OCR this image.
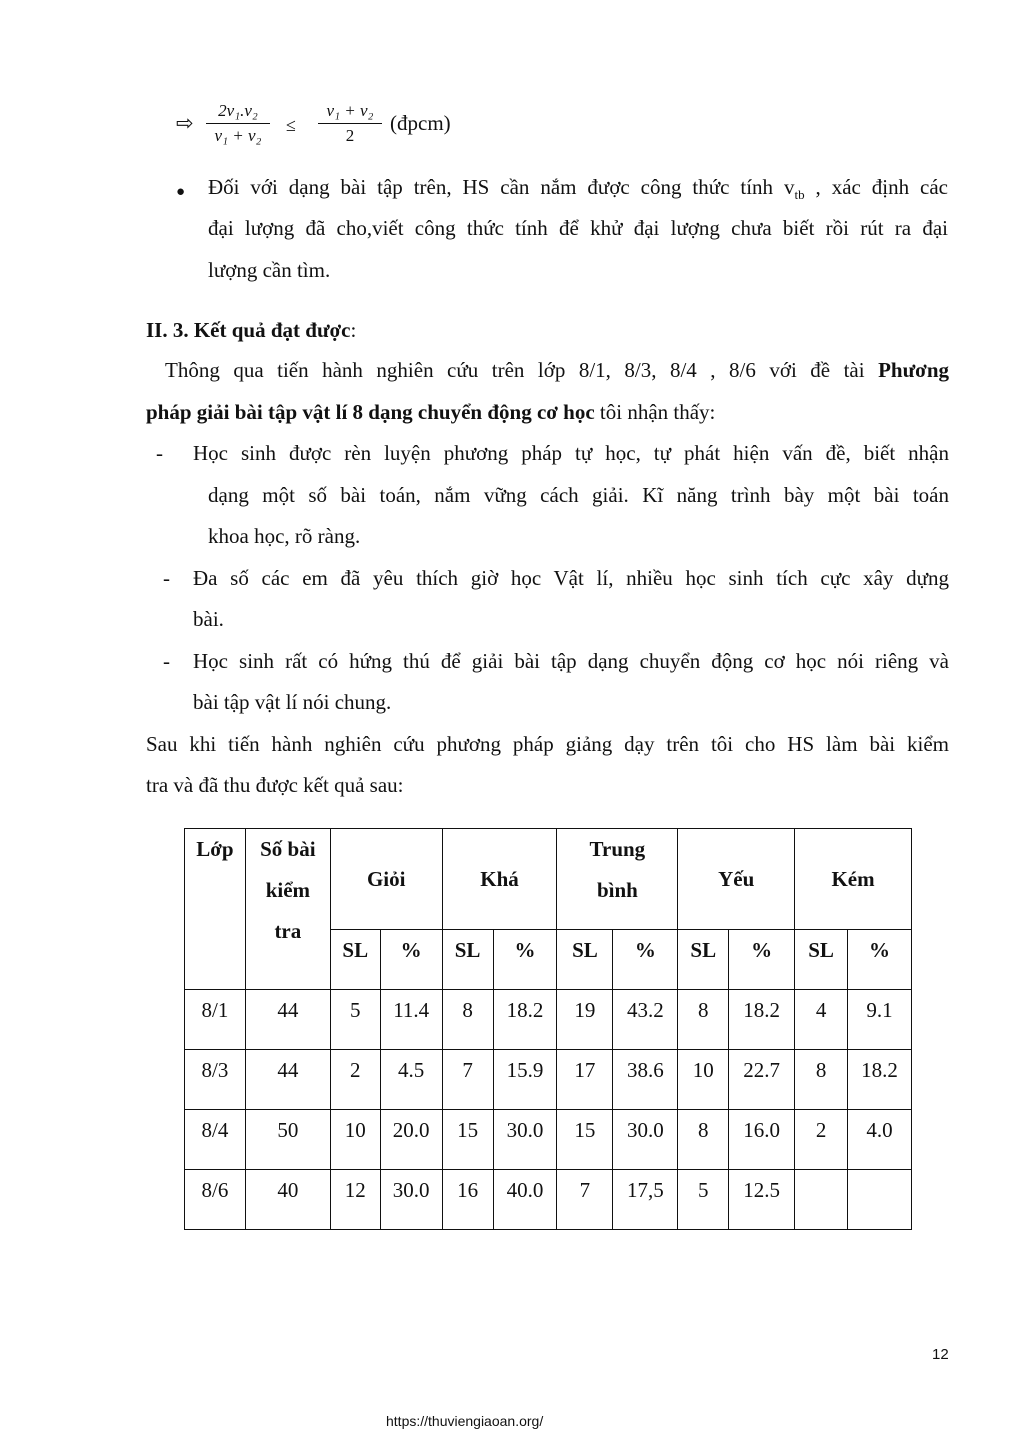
⇨
2v₁.v₂
v₁ + v₂
≤
v₁ + v₂
2
(đpcm)
● Đối với dạng bài tập trên, HS cần nắm được công thức tính $v_{tb}$ , xác định các
đại lượng đã cho,viết công thức tính để khử đại lượng chưa biết rồi rút ra đại
lượng cần tìm.
II. 3. Kết quả đạt được:
Thông qua tiến hành nghiên cứu trên lớp 8/1, 8/3, 8/4 , 8/6 với đề tài Phương
pháp giải bài tập vật lí 8 dạng chuyển động cơ học tôi nhận thấy:
- Học sinh được rèn luyện phương pháp tự học, tự phát hiện vấn đề, biết nhận
dạng một số bài toán, nắm vững cách giải. Kĩ năng trình bày một bài toán
khoa học, rõ ràng.
- Đa số các em đã yêu thích giờ học Vật lí, nhiều học sinh tích cực xây dựng
bài.
- Học sinh rất có hứng thú để giải bài tập dạng chuyển động cơ học nói riêng và
bài tập vật lí nói chung.
Sau khi tiến hành nghiên cứu phương pháp giảng dạy trên tôi cho HS làm bài kiểm
tra và đã thu được kết quả sau:
Lớp	Số bài
kiểm
tra	Giỏi		Khá		Trung
bình		Yếu		Kém	
		SL	%	SL	%	SL	%	SL	%	SL	%
8/1	44	5	11.4	8	18.2	19	43.2	8	18.2	4	9.1
8/3	44	2	4.5	7	15.9	17	38.6	10	22.7	8	18.2
8/4	50	10	20.0	15	30.0	15	30.0	8	16.0	2	4.0
8/6	40	12	30.0	16	40.0	7	17,5	5	12.5		
12
https://thuviengiaoan.org/
